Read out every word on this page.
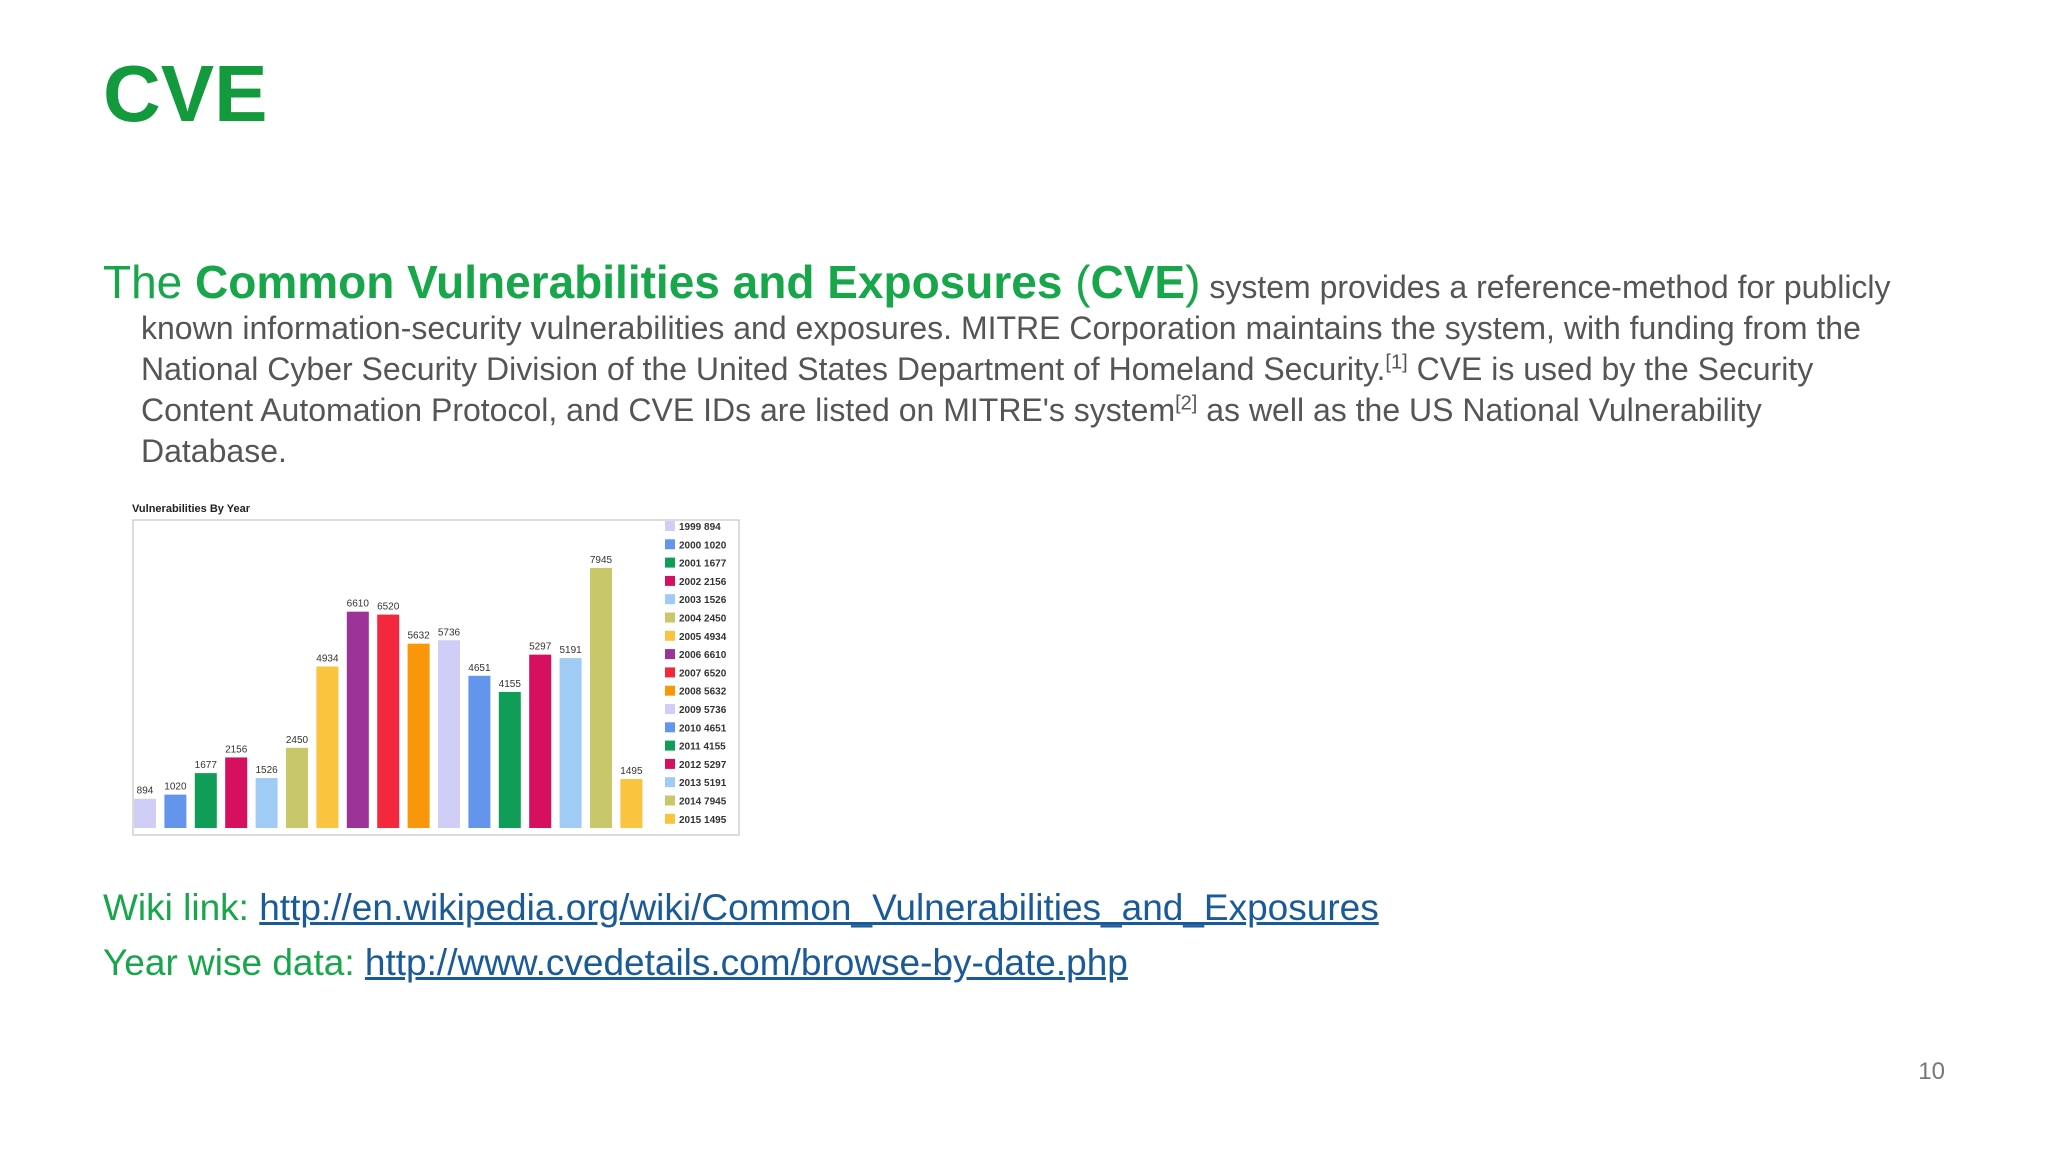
CVE
The Common Vulnerabilities and Exposures (CVE) system provides a reference-method for publicly known information-security vulnerabilities and exposures. MITRE Corporation maintains the system, with funding from the National Cyber Security Division of the United States Department of Homeland Security.[1] CVE is used by the Security Content Automation Protocol, and CVE IDs are listed on MITRE's system[2] as well as the US National Vulnerability Database.
Vulnerabilities By Year
894 1020
1677
2156
1526
2450
4934
6610 6520
5632 5736
4651
4155
5297 5191
7945
1495
1999 894
2000 1020
2001 1677
2002 2156
2003 1526
2004 2450
2005 4934
2006 6610
2007 6520
2008 5632
2009 5736
2010 4651
2011 4155
2012 5297
2013 5191
2014 7945
2015 1495
Wiki link: http://en.wikipedia.org/wiki/Common_Vulnerabilities_and_Exposures
Year wise data: http://www.cvedetails.com/browse-by-date.php
10
